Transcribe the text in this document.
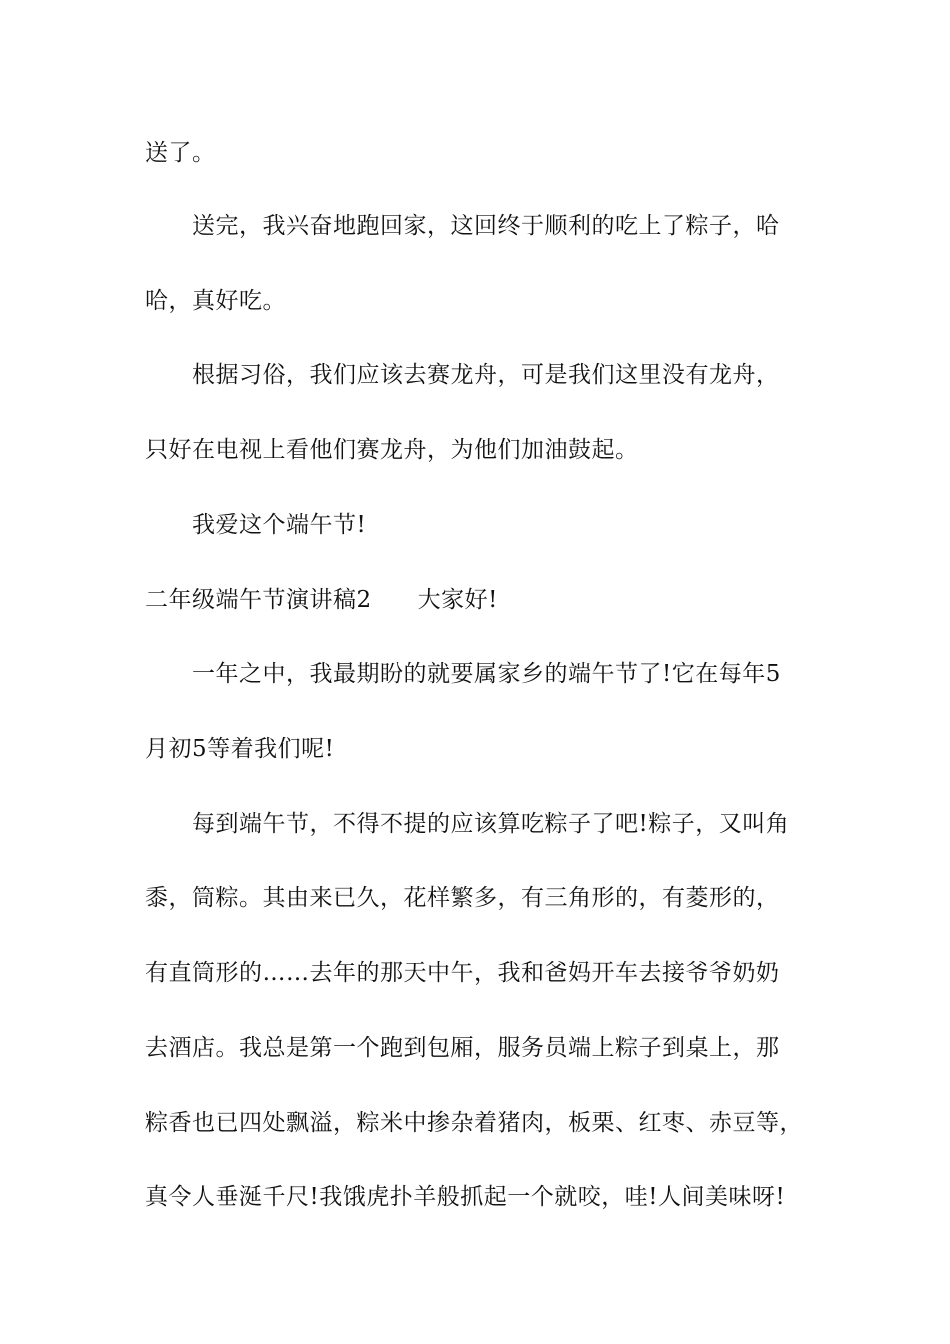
送了。
送完，我兴奋地跑回家，这回终于顺利的吃上了粽子，哈
哈，真好吃。
根据习俗，我们应该去赛龙舟，可是我们这里没有龙舟，
只好在电视上看他们赛龙舟，为他们加油鼓起。
我爱这个端午节!
二年级端午节演讲稿2 大家好!
一年之中，我最期盼的就要属家乡的端午节了!它在每年5
月初5等着我们呢!
每到端午节，不得不提的应该算吃粽子了吧!粽子，又叫角
黍，筒粽。其由来已久，花样繁多，有三角形的，有菱形的，
有直筒形的……去年的那天中午，我和爸妈开车去接爷爷奶奶
去酒店。我总是第一个跑到包厢，服务员端上粽子到桌上，那
粽香也已四处飘溢，粽米中掺杂着猪肉，板栗、红枣、赤豆等，
真令人垂涎千尺!我饿虎扑羊般抓起一个就咬，哇!人间美味呀!
